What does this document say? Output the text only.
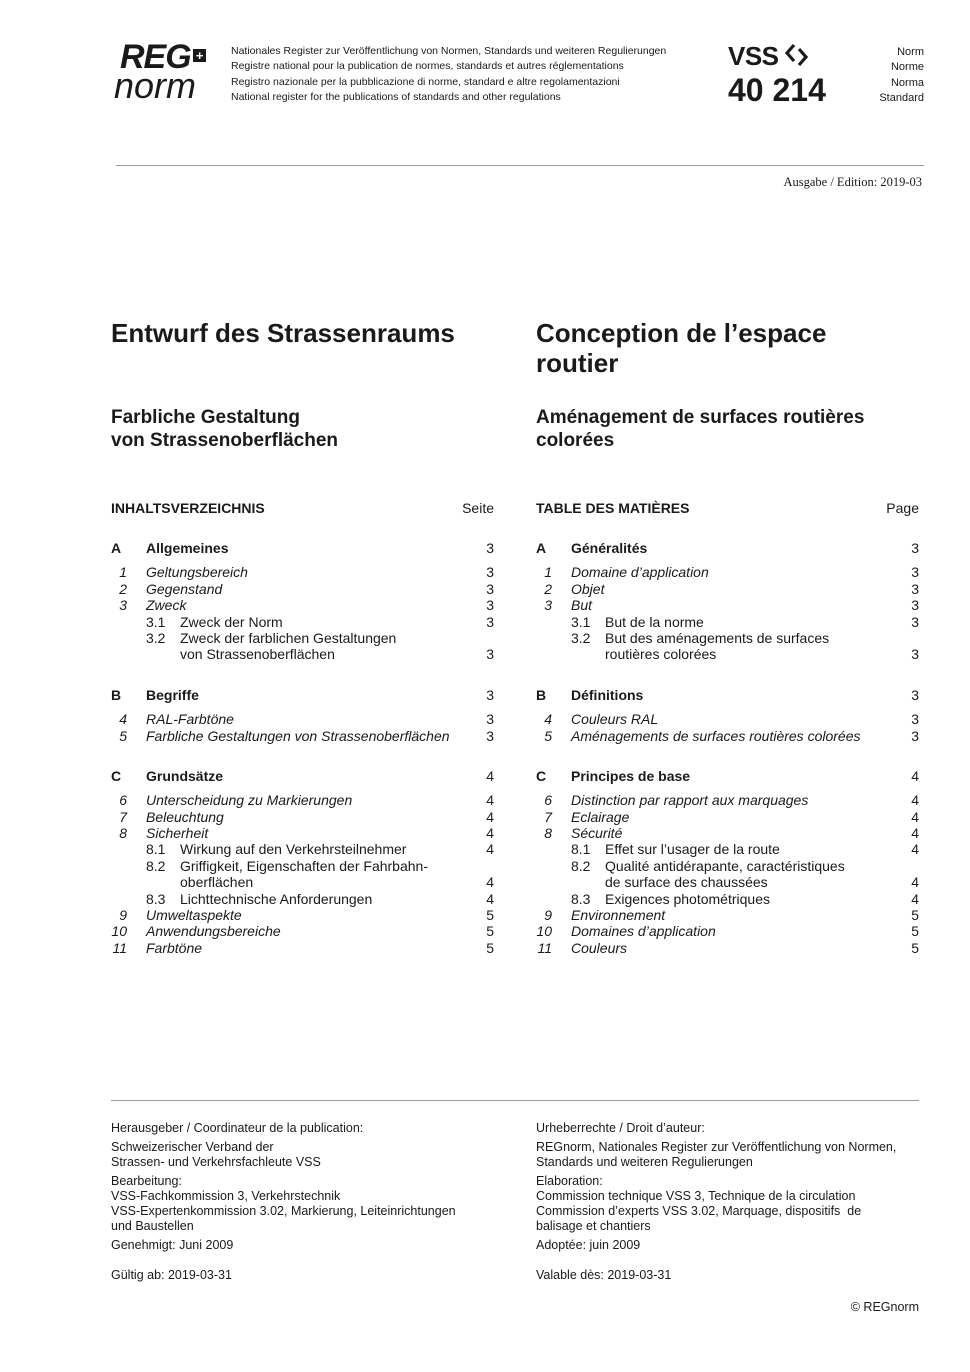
REG +
norm
Nationales Register zur Veröffentlichung von Normen, Standards und weiteren Regulierungen
Registre national pour la publication de normes, standards et autres réglementations
Registro nazionale per la pubblicazione di norme, standard e altre regolamentazioni
National register for the publications of standards and other regulations
VSS
40 214
Norm
Norme
Norma
Standard
Ausgabe / Edition: 2019-03
Entwurf des Strassenraums	Conception de l’espace
routier
Farbliche Gestaltung
von Strassenoberflächen
Aménagement de surfaces routières
colorées
INHALTSVERZEICHNIS	Seite	TABLE DES MATIÈRES	Page
A Allgemeines	3
1 Geltungsbereich	3
2 Gegenstand	3
3 Zweck	3
3.1 Zweck der Norm	3
3.2 Zweck der farblichen Gestaltungen
von Strassenoberflächen	3
B Begriffe	3
4 RAL-Farbtöne	3
5 Farbliche Gestaltungen von Strassenoberflächen	3
C Grundsätze	4
6 Unterscheidung zu Markierungen	4
7 Beleuchtung	4
8 Sicherheit	4
8.1 Wirkung auf den Verkehrsteilnehmer	4
8.2 Griffigkeit, Eigenschaften der Fahrbahn-
oberflächen	4
8.3 Lichttechnische Anforderungen	4
9 Umweltaspekte	5
10 Anwendungsbereiche	5
11 Farbtöne	5
A Généralités	3
1 Domaine d’application	3
2 Objet	3
3 But	3
3.1 But de la norme	3
3.2 But des aménagements de surfaces
routières colorées	3
B Définitions	3
4 Couleurs RAL	3
5 Aménagements de surfaces routières colorées	3
C Principes de base	4
6 Distinction par rapport aux marquages	4
7 Eclairage	4
8 Sécurité	4
8.1 Effet sur l’usager de la route	4
8.2 Qualité antidérapante, caractéristiques
de surface des chaussées	4
8.3 Exigences photométriques	4
9 Environnement	5
10 Domaines d’application	5
11 Couleurs	5

Herausgeber / Coordinateur de la publication:

Schweizerischer Verband der

Strassen- und Verkehrsfachleute VSS

Bearbeitung:

VSS-Fachkommission 3, Verkehrstechnik

VSS-Expertenkommission 3.02, Markierung, Leiteinrichtungen

und Baustellen

Genehmigt: Juni 2009

Gültig ab: 2019-03-31

Urheberrechte / Droit d’auteur:

REGnorm, Nationales Register zur Veröffentlichung von Normen,

Standards und weiteren Regulierungen

Elaboration:

Commission technique VSS 3, Technique de la circulation

Commission d’experts VSS 3.02, Marquage, dispositifs  de

balisage et chantiers

Adoptée: juin 2009

Valable dès: 2019-03-31

© REGnorm
